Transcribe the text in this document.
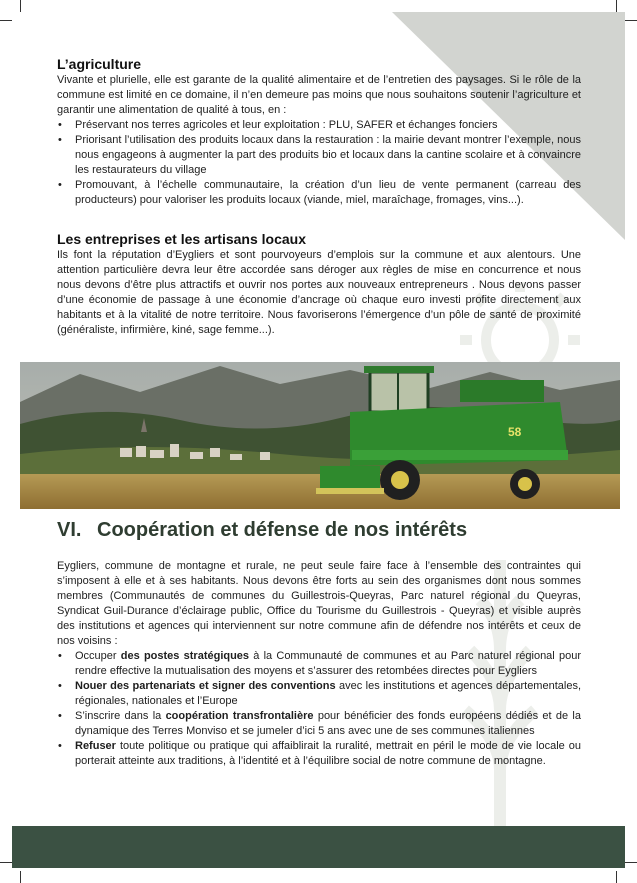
L’agriculture

Vivante et plurielle, elle est garante de la qualité alimentaire et de l’entretien des paysages. Si le rôle de la commune est limité en ce domaine, il n’en demeure pas moins que nous souhaitons soutenir l’agriculture et garantir une alimentation de qualité à tous, en :

• Préservant nos terres agricoles et leur exploitation : PLU, SAFER et échanges fonciers
• Priorisant l’utilisation des produits locaux dans la restauration : la mairie devant montrer l’exemple, nous nous engageons à augmenter la part des produits bio et locaux dans la cantine scolaire et à convaincre les restaurateurs du village
• Promouvant, à l’échelle communautaire, la création d’un lieu de vente permanent (carreau des producteurs) pour valoriser les produits locaux (viande, miel, maraîchage, fromages, vins...).
Les entreprises et les artisans locaux

Ils font la réputation d’Eygliers et sont pourvoyeurs d’emplois sur la commune et aux alentours. Une attention particulière devra leur être accordée sans déroger aux règles de mise en concurrence et nous nous devons d’être plus attractifs et ouvrir nos portes aux nouveaux entrepreneurs . Nous devons passer d’une économie de passage à une économie d’ancrage où chaque euro investi profite directement aux habitants et à la vitalité de notre territoire. Nous favoriserons l’émergence d’un pôle de santé de proximité (généraliste, infirmière, kiné, sage femme...).

58
VI. Coopération et défense de nos intérêts

Eygliers, commune de montagne et rurale, ne peut seule faire face à l’ensemble des contraintes qui s’imposent à elle et à ses habitants. Nous devons être forts au sein des organismes dont nous sommes membres (Communautés de communes du Guillestrois-Queyras, Parc naturel régional du Queyras, Syndicat Guil-Durance d’éclairage public, Office du Tourisme du Guillestrois - Queyras) et visible auprès des institutions et agences qui interviennent sur notre commune afin de défendre nos intérêts et ceux de nos voisins :

• Occuper des postes stratégiques à la Communauté de communes et au Parc naturel régional pour rendre effective la mutualisation des moyens et s’assurer des retombées directes pour Eygliers
• Nouer des partenariats et signer des conventions avec les institutions et agences départementales, régionales, nationales et l’Europe
• S’inscrire dans la coopération transfrontalière pour bénéficier des fonds européens dédiés et de la dynamique des Terres Monviso et se jumeler d’ici 5 ans avec une de ses communes italiennes
• Refuser toute politique ou pratique qui affaiblirait la ruralité, mettrait en péril le mode de vie locale ou porterait atteinte aux traditions, à l’identité et à l’équilibre social de notre commune de montagne.
